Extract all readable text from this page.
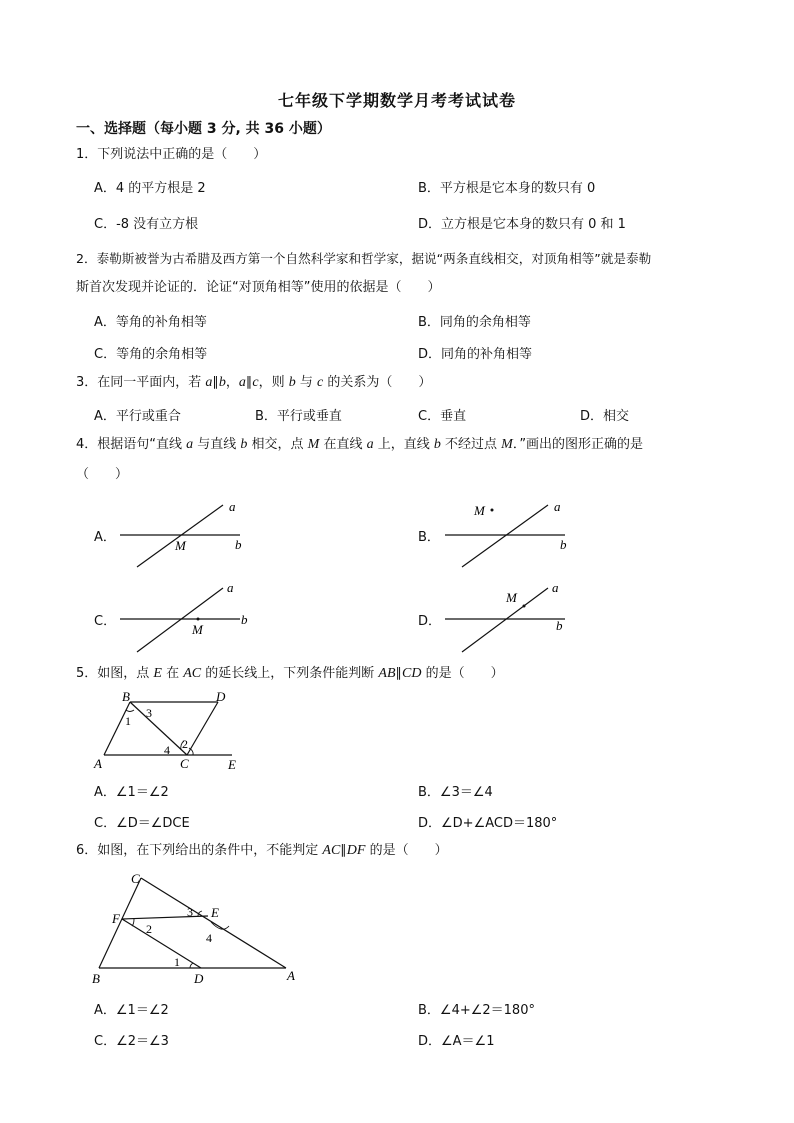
七年级下学期数学月考考试试卷
一、选择题（每小题 3 分, 共 36 小题）
1．下列说法中正确的是（　　）
A．4 的平方根是 2	B．平方根是它本身的数只有 0
C．-8 没有立方根	D．立方根是它本身的数只有 0 和 1
2．泰勒斯被誉为古希腊及西方第一个自然科学家和哲学家，据说“两条直线相交，对顶角相等”就是泰勒
斯首次发现并论证的．论证“对顶角相等”使用的依据是（　　）
A．等角的补角相等	B．同角的余角相等
C．等角的余角相等	D．同角的补角相等
3．在同一平面内，若 a∥b，a∥c，则 b 与 c 的关系为（　　）
A．平行或重合	B．平行或垂直	C．垂直	D．相交
4．根据语句“直线 a 与直线 b 相交，点 M 在直线 a 上，直线 b 不经过点 M．”画出的图形正确的是
（　　）
A．
a
b
M
B．
M	a
b
C．
a
b
M
D．
M
a
b
5．如图，点 E 在 AC 的延长线上，下列条件能判断 AB∥CD 的是（　　）
B	D
A	C	E
1
3
4 2
A．∠1＝∠2	B．∠3＝∠4
C．∠D＝∠DCE	D．∠D+∠ACD＝180°
6．如图，在下列给出的条件中，不能判定 AC∥DF 的是（　　）
C
F	E
B	D	A
3
4
2
1
A．∠1＝∠2	B．∠4+∠2＝180°
C．∠2＝∠3	D．∠A＝∠1
